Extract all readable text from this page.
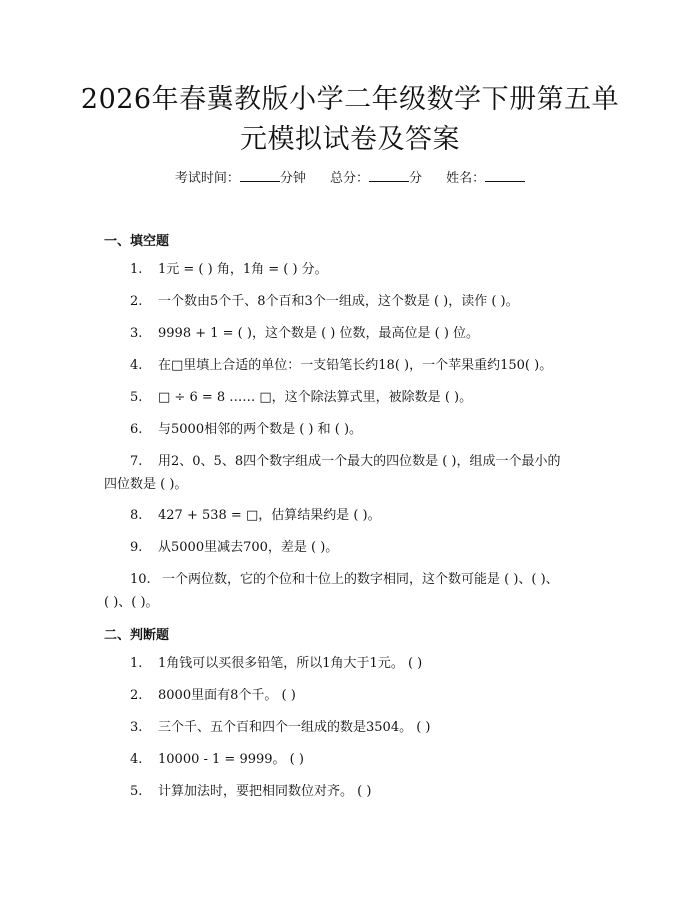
2026年春冀教版小学二年级数学下册第五单元模拟试卷及答案
考试时间：	分钟 总分：	分 姓名：
一、填空题
1. 1元 = ( ) 角，1角 = ( ) 分。
2. 一个数由5个千、8个百和3个一组成，这个数是 ( )，读作 ( )。
3. 9998 + 1 = ( )，这个数是 ( ) 位数，最高位是 ( ) 位。
4. 在□里填上合适的单位：一支铅笔长约18( )，一个苹果重约150( )。
5. □ ÷ 6 = 8 …… □，这个除法算式里，被除数是 ( )。
6. 与5000相邻的两个数是 ( ) 和 ( )。
7. 用2、0、5、8四个数字组成一个最大的四位数是 ( )，组成一个最小的
四位数是 ( )。
8. 427 + 538 = □，估算结果约是 ( )。
9. 从5000里减去700，差是 ( )。
10. 一个两位数，它的个位和十位上的数字相同，这个数可能是 ( )、( )、
( )、( )。
二、判断题
1. 1角钱可以买很多铅笔，所以1角大于1元。 ( )
2. 8000里面有8个千。 ( )
3. 三个千、五个百和四个一组成的数是3504。 ( )
4. 10000 - 1 = 9999。 ( )
5. 计算加法时，要把相同数位对齐。 ( )
